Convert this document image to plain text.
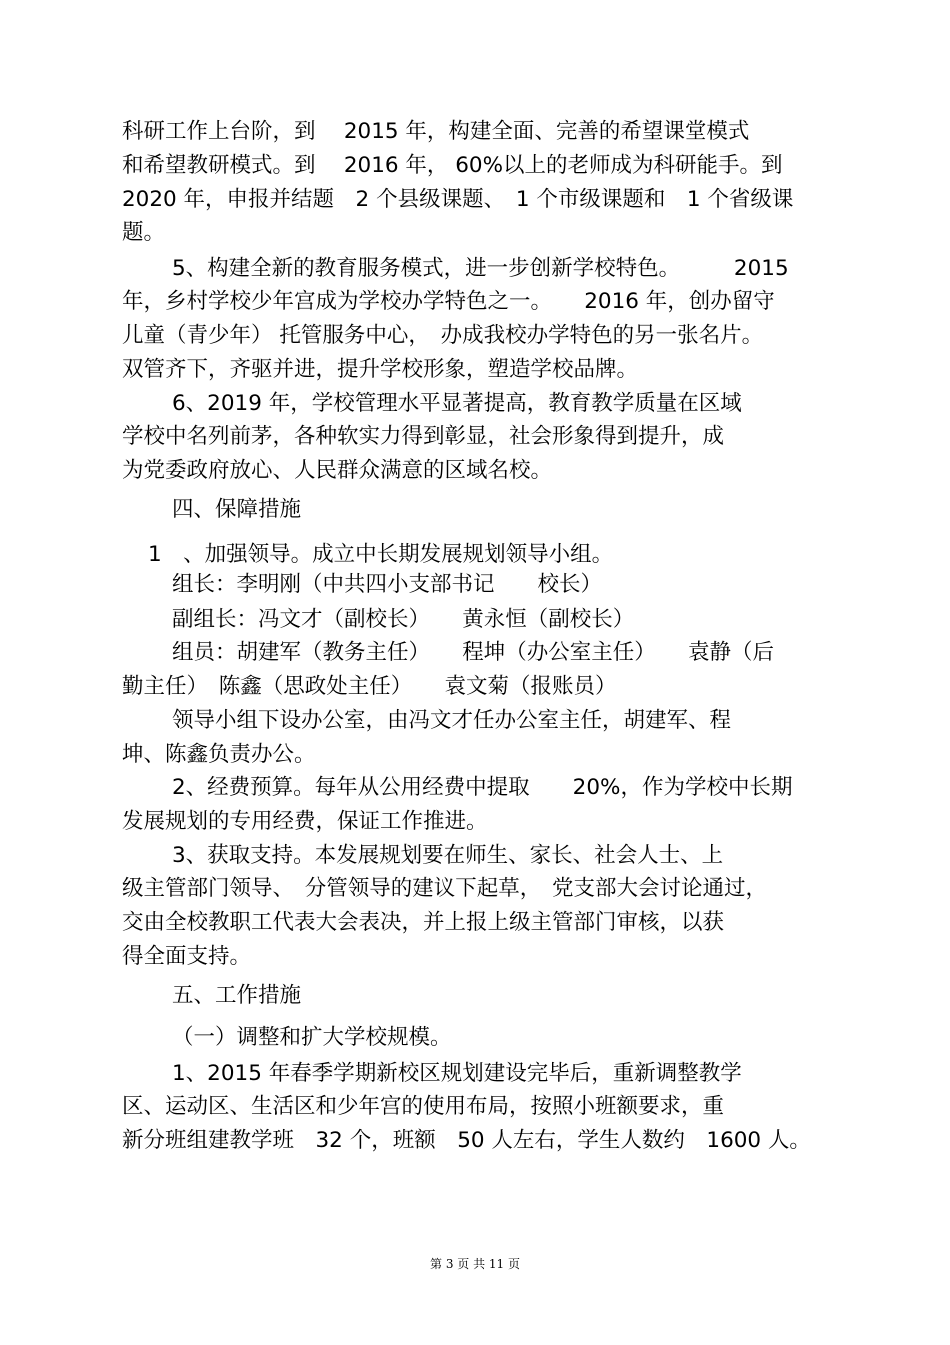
科研工作上台阶，到　 2015 年，构建全面、完善的希望课堂模式

和希望教研模式。到　 2016 年， 60%以上的老师成为科研能手。到

2020 年，申报并结题　2 个县级课题、　1 个市级课题和　1 个省级课

题。

5、构建全新的教育服务模式，进一步创新学校特色。　　　2015

年，乡村学校少年宫成为学校办学特色之一。　　2016 年，创办留守

儿童（青少年） 托管服务中心，　办成我校办学特色的另一张名片。

双管齐下，齐驱并进，提升学校形象，塑造学校品牌。

6、2019 年，学校管理水平显著提高，教育教学质量在区域

学校中名列前茅，各种软实力得到彰显，社会形象得到提升，成

为党委政府放心、人民群众满意的区域名校。

四、保障措施

1　、加强领导。成立中长期发展规划领导小组。

组长：李明刚（中共四小支部书记　　校长）

副组长：冯文才（副校长）　　黄永恒（副校长）

组员：胡建军（教务主任）　　程坤（办公室主任）　　袁静（后

勤主任）　陈鑫（思政处主任）　　袁文菊（报账员）

领导小组下设办公室，由冯文才任办公室主任，胡建军、程

坤、陈鑫负责办公。

2、经费预算。每年从公用经费中提取　　20%，作为学校中长期

发展规划的专用经费，保证工作推进。

3、获取支持。本发展规划要在师生、家长、社会人士、上

级主管部门领导、　分管领导的建议下起草，　党支部大会讨论通过，

交由全校教职工代表大会表决，并上报上级主管部门审核，以获

得全面支持。

五、工作措施

（一）调整和扩大学校规模。

1、2015 年春季学期新校区规划建设完毕后，重新调整教学

区、运动区、生活区和少年宫的使用布局，按照小班额要求，重

新分班组建教学班　32 个，班额　50 人左右，学生人数约　1600 人。

第 3 页 共 11 页
